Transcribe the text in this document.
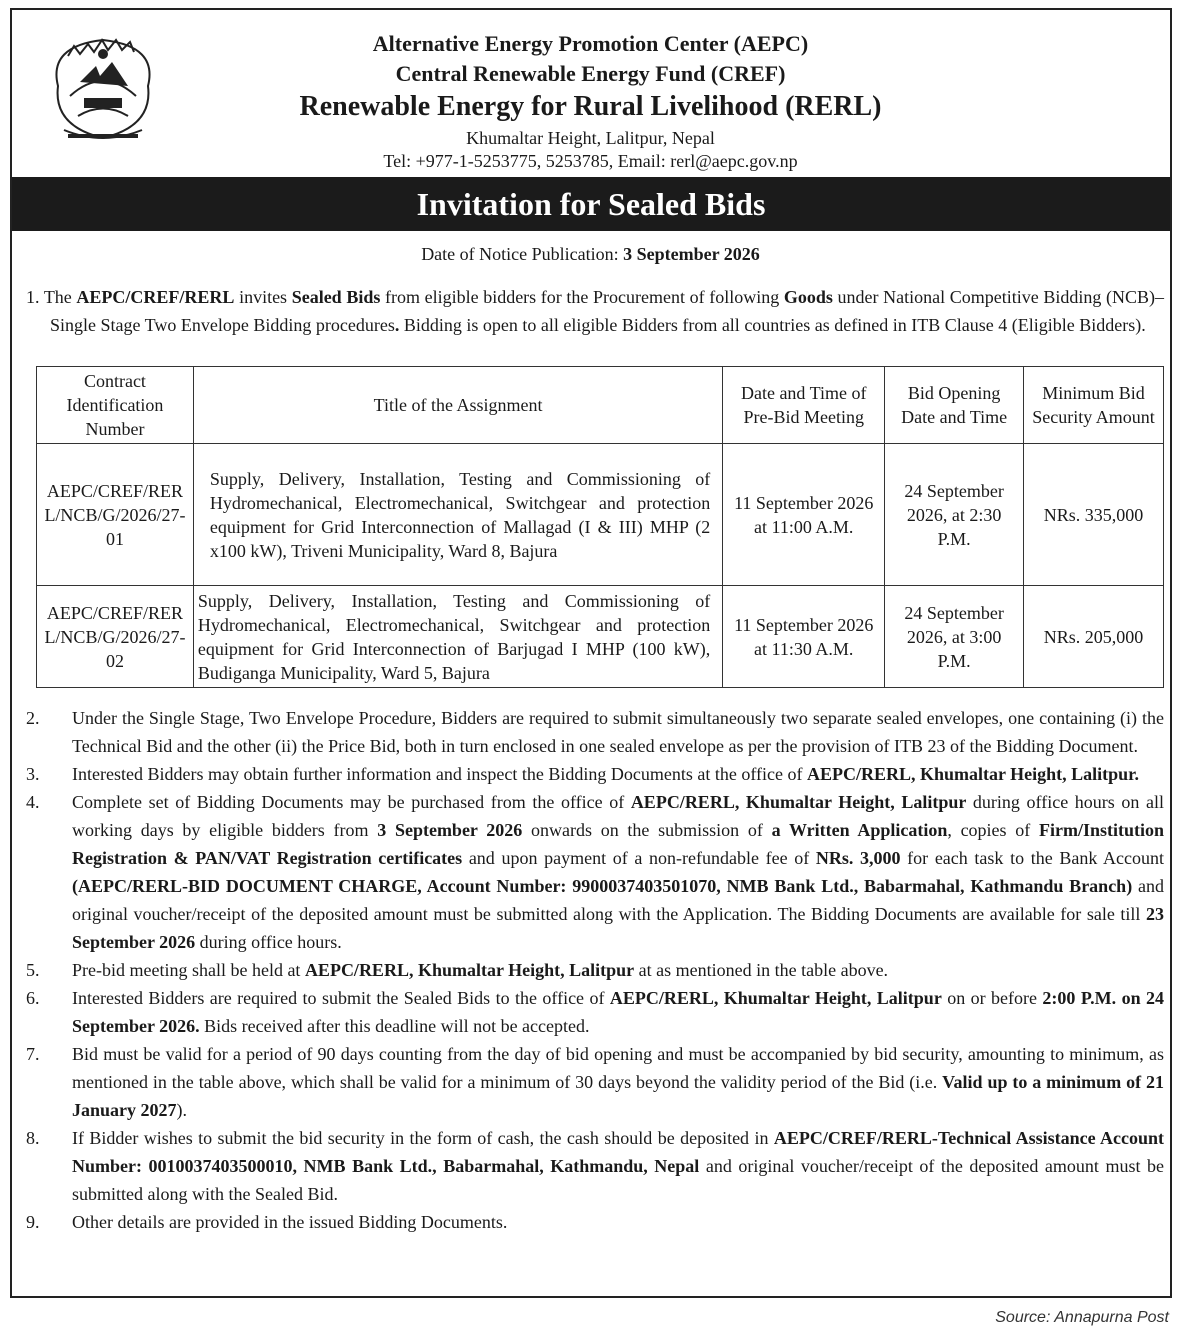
Alternative Energy Promotion Center (AEPC)
Central Renewable Energy Fund (CREF)
Renewable Energy for Rural Livelihood (RERL)
Khumaltar Height, Lalitpur, Nepal
Tel: +977-1-5253775, 5253785, Email: rerl@aepc.gov.np
Invitation for Sealed Bids
Date of Notice Publication: 3 September 2026
1. The AEPC/CREF/RERL invites Sealed Bids from eligible bidders for the Procurement of following Goods under National Competitive Bidding (NCB)–Single Stage Two Envelope Bidding procedures. Bidding is open to all eligible Bidders from all countries as defined in ITB Clause 4 (Eligible Bidders).
Contract Identification Number	Title of the Assignment	Date and Time of Pre-Bid Meeting	Bid Opening Date and Time	Minimum Bid Security Amount
AEPC/CREF/RERL/NCB/G/2026/27-01	Supply, Delivery, Installation, Testing and Commissioning of Hydromechanical, Electromechanical, Switchgear and protection equipment for Grid Interconnection of Mallagad (I & III) MHP (2 x100 kW), Triveni Municipality, Ward 8, Bajura	11 September 2026 at 11:00 A.M.	24 September 2026, at 2:30 P.M.	NRs. 335,000
AEPC/CREF/RERL/NCB/G/2026/27-02	Supply, Delivery, Installation, Testing and Commissioning of Hydromechanical, Electromechanical, Switchgear and protection equipment for Grid Interconnection of Barjugad I MHP (100 kW), Budiganga Municipality, Ward 5, Bajura	11 September 2026 at 11:30 A.M.	24 September 2026, at 3:00 P.M.	NRs. 205,000
2. Under the Single Stage, Two Envelope Procedure, Bidders are required to submit simultaneously two separate sealed envelopes, one containing (i) the Technical Bid and the other (ii) the Price Bid, both in turn enclosed in one sealed envelope as per the provision of ITB 23 of the Bidding Document.
3. Interested Bidders may obtain further information and inspect the Bidding Documents at the office of AEPC/RERL, Khumaltar Height, Lalitpur.
4. Complete set of Bidding Documents may be purchased from the office of AEPC/RERL, Khumaltar Height, Lalitpur during office hours on all working days by eligible bidders from 3 September 2026 onwards on the submission of a Written Application, copies of Firm/Institution Registration & PAN/VAT Registration certificates and upon payment of a non-refundable fee of NRs. 3,000 for each task to the Bank Account (AEPC/RERL-BID DOCUMENT CHARGE, Account Number: 9900037403501070, NMB Bank Ltd., Babarmahal, Kathmandu Branch) and original voucher/receipt of the deposited amount must be submitted along with the Application. The Bidding Documents are available for sale till 23 September 2026 during office hours.
5. Pre-bid meeting shall be held at AEPC/RERL, Khumaltar Height, Lalitpur at as mentioned in the table above.
6. Interested Bidders are required to submit the Sealed Bids to the office of AEPC/RERL, Khumaltar Height, Lalitpur on or before 2:00 P.M. on 24 September 2026. Bids received after this deadline will not be accepted.
7. Bid must be valid for a period of 90 days counting from the day of bid opening and must be accompanied by bid security, amounting to minimum, as mentioned in the table above, which shall be valid for a minimum of 30 days beyond the validity period of the Bid (i.e. Valid up to a minimum of 21 January 2027).
8. If Bidder wishes to submit the bid security in the form of cash, the cash should be deposited in AEPC/CREF/RERL-Technical Assistance Account Number: 0010037403500010, NMB Bank Ltd., Babarmahal, Kathmandu, Nepal and original voucher/receipt of the deposited amount must be submitted along with the Sealed Bid.
9. Other details are provided in the issued Bidding Documents.
Source: Annapurna Post
